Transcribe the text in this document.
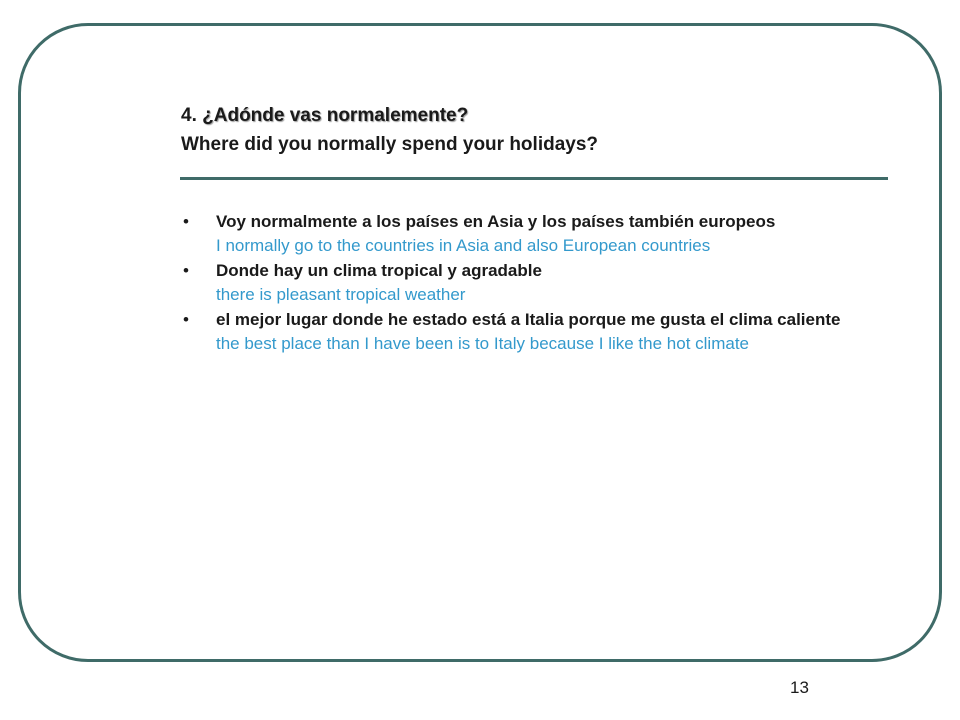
4. ¿Adónde vas normalemente?
Where did you normally spend your holidays?
• Voy normalmente a los países en Asia y los países también europeos
I normally go to the countries in Asia and also European countries
• Donde hay un clima tropical y agradable
there is pleasant tropical weather
• el mejor lugar donde he estado está a Italia porque me gusta el clima caliente
the best place than I have been is to Italy because I like the hot climate
13
